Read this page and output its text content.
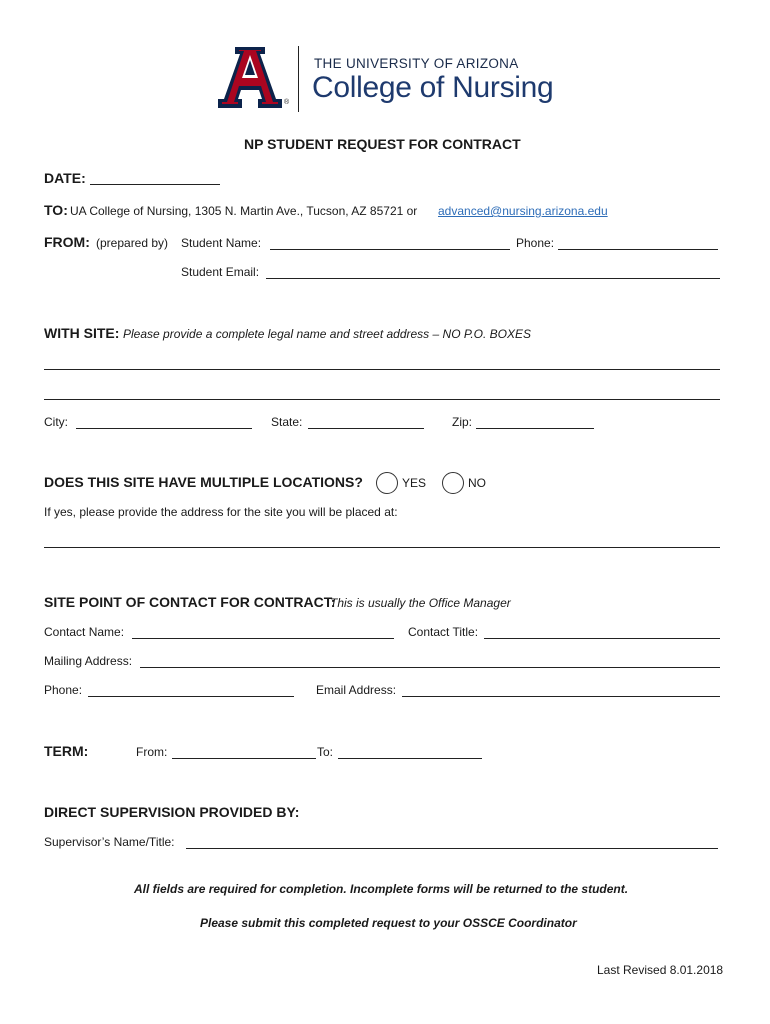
®
THE UNIVERSITY OF ARIZONA
College of Nursing
NP STUDENT REQUEST FOR CONTRACT
DATE:
TO: UA College of Nursing, 1305 N. Martin Ave., Tucson, AZ 85721 or advanced@nursing.arizona.edu
FROM: (prepared by) Student Name:	Phone:
Student Email:
WITH SITE: Please provide a complete legal name and street address – NO P.O. BOXES
City:	State:	Zip:
DOES THIS SITE HAVE MULTIPLE LOCATIONS?	YES	NO
If yes, please provide the address for the site you will be placed at:
SITE POINT OF CONTACT FOR CONTRACT:
This is usually the Office Manager
Contact Name:	Contact Title:
Mailing Address:
Phone:	Email Address:
TERM:	From:	To:
DIRECT SUPERVISION PROVIDED BY:
Supervisor’s Name/Title:
All fields are required for completion. Incomplete forms will be returned to the student.
Please submit this completed request to your OSSCE Coordinator
Last Revised 8.01.2018
